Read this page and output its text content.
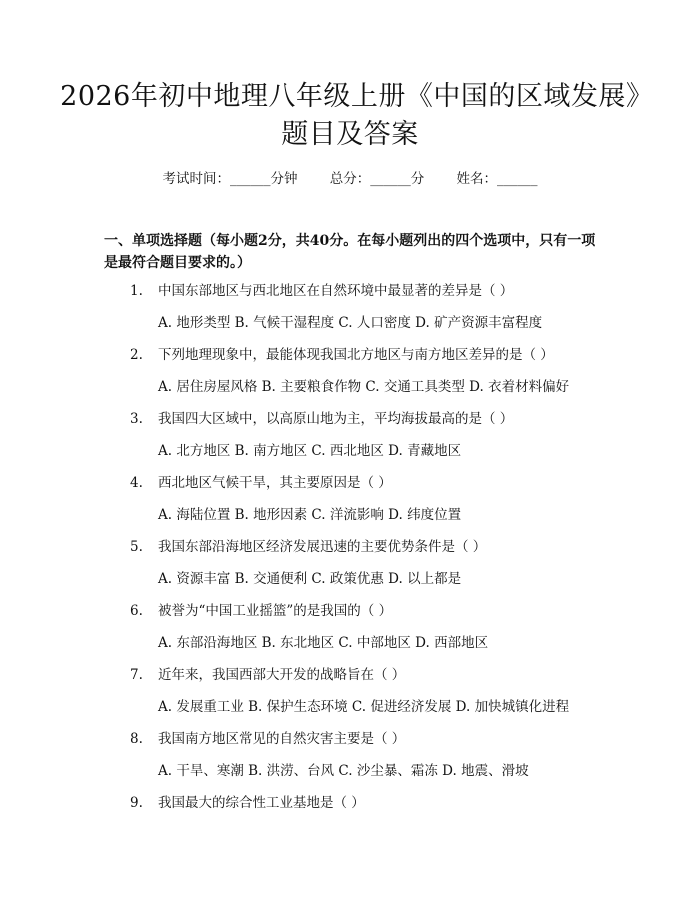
2026年初中地理八年级上册《中国的区域发展》题目及答案
考试时间：______分钟 总分：______分 姓名：______

一、单项选择题（每小题2分，共40分。在每小题列出的四个选项中，只有一项是最符合题目要求的。）

1. 中国东部地区与西北地区在自然环境中最显著的差异是（ ）
A. 地形类型 B. 气候干湿程度 C. 人口密度 D. 矿产资源丰富程度
2. 下列地理现象中，最能体现我国北方地区与南方地区差异的是（ ）
A. 居住房屋风格 B. 主要粮食作物 C. 交通工具类型 D. 衣着材料偏好
3. 我国四大区域中，以高原山地为主，平均海拔最高的是（ ）
A. 北方地区 B. 南方地区 C. 西北地区 D. 青藏地区
4. 西北地区气候干旱，其主要原因是（ ）
A. 海陆位置 B. 地形因素 C. 洋流影响 D. 纬度位置
5. 我国东部沿海地区经济发展迅速的主要优势条件是（ ）
A. 资源丰富 B. 交通便利 C. 政策优惠 D. 以上都是
6. 被誉为“中国工业摇篮”的是我国的（ ）
A. 东部沿海地区 B. 东北地区 C. 中部地区 D. 西部地区
7. 近年来，我国西部大开发的战略旨在（ ）
A. 发展重工业 B. 保护生态环境 C. 促进经济发展 D. 加快城镇化进程
8. 我国南方地区常见的自然灾害主要是（ ）
A. 干旱、寒潮 B. 洪涝、台风 C. 沙尘暴、霜冻 D. 地震、滑坡
9. 我国最大的综合性工业基地是（ ）
